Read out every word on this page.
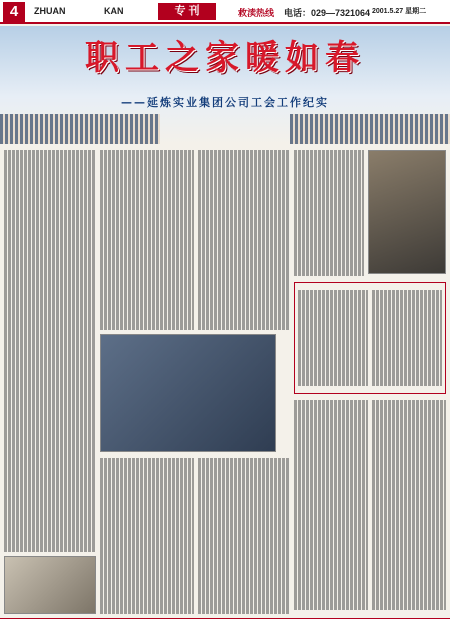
4	ZHUAN	KAN	专 刊	救渎热线 电话：029—7321064 2001.5.27 星期二
职工之家暖如春
——延炼实业集团公司工会工作纪实
